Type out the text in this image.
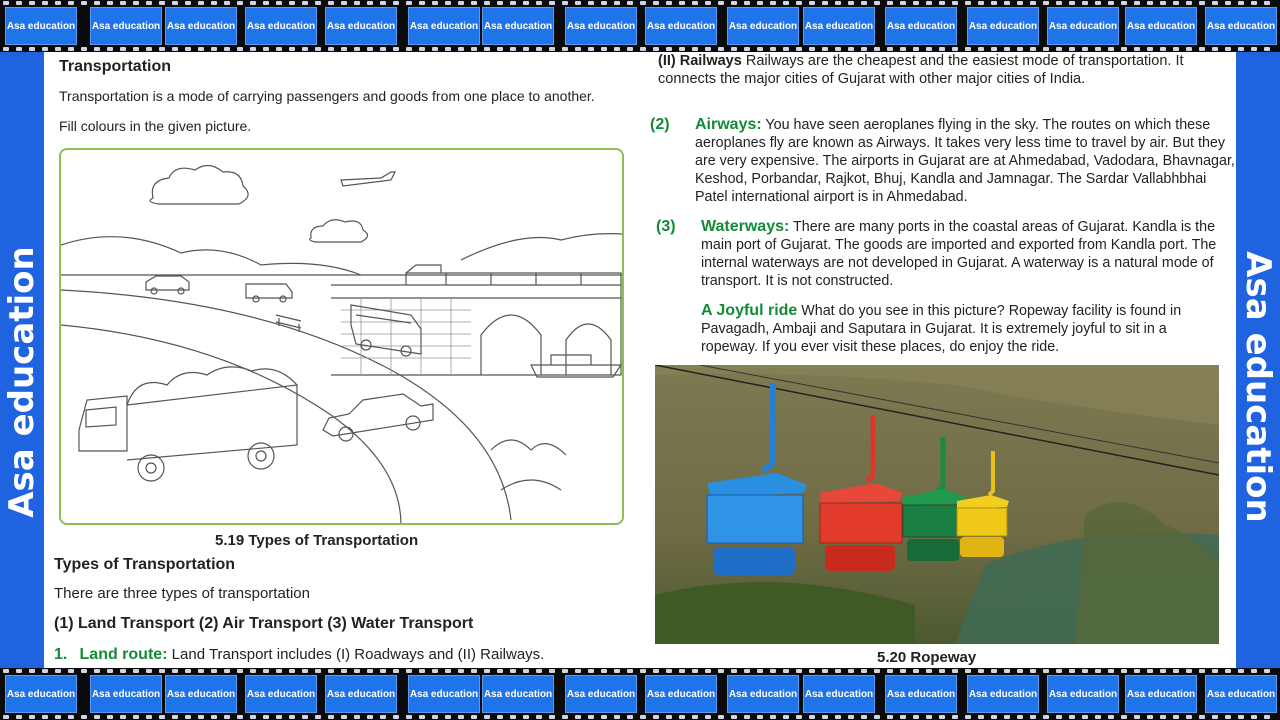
Asa education Asa education Asa education Asa education Asa education Asa education Asa education Asa education Asa education Asa education Asa education Asa education Asa education Asa education Asa education Asa education
Asa education Asa education Asa education Asa education Asa education Asa education Asa education Asa education Asa education Asa education Asa education Asa education Asa education Asa education Asa education Asa education
Asa education	Asa education
Transportation
Transportation is a mode of carrying passengers and goods from one place to another.
Fill colours in the given picture.
5.19 Types of Transportation
Types of Transportation
There are three types of transportation
(1) Land Transport (2) Air Transport (3) Water Transport
1. Land route: Land Transport includes (I) Roadways and (II) Railways.
(II) Railways Railways are the cheapest and the easiest mode of transportation. It connects the major cities of Gujarat with other major cities of India.
(2) Airways: You have seen aeroplanes flying in the sky. The routes on which these aeroplanes fly are known as Airways. It takes very less time to travel by air. But they are very expensive. The airports in Gujarat are at Ahmedabad, Vadodara, Bhavnagar, Keshod, Porbandar, Rajkot, Bhuj, Kandla and Jamnagar. The Sardar Vallabhbhai Patel international airport is in Ahmedabad.
(3) Waterways: There are many ports in the coastal areas of Gujarat. Kandla is the main port of Gujarat. The goods are imported and exported from Kandla port. The internal waterways are not developed in Gujarat. A waterway is a natural mode of transport. It is not constructed.
A Joyful ride What do you see in this picture? Ropeway facility is found in Pavagadh, Ambaji and Saputara in Gujarat. It is extremely joyful to sit in a ropeway. If you ever visit these places, do enjoy the ride.
5.20 Ropeway
